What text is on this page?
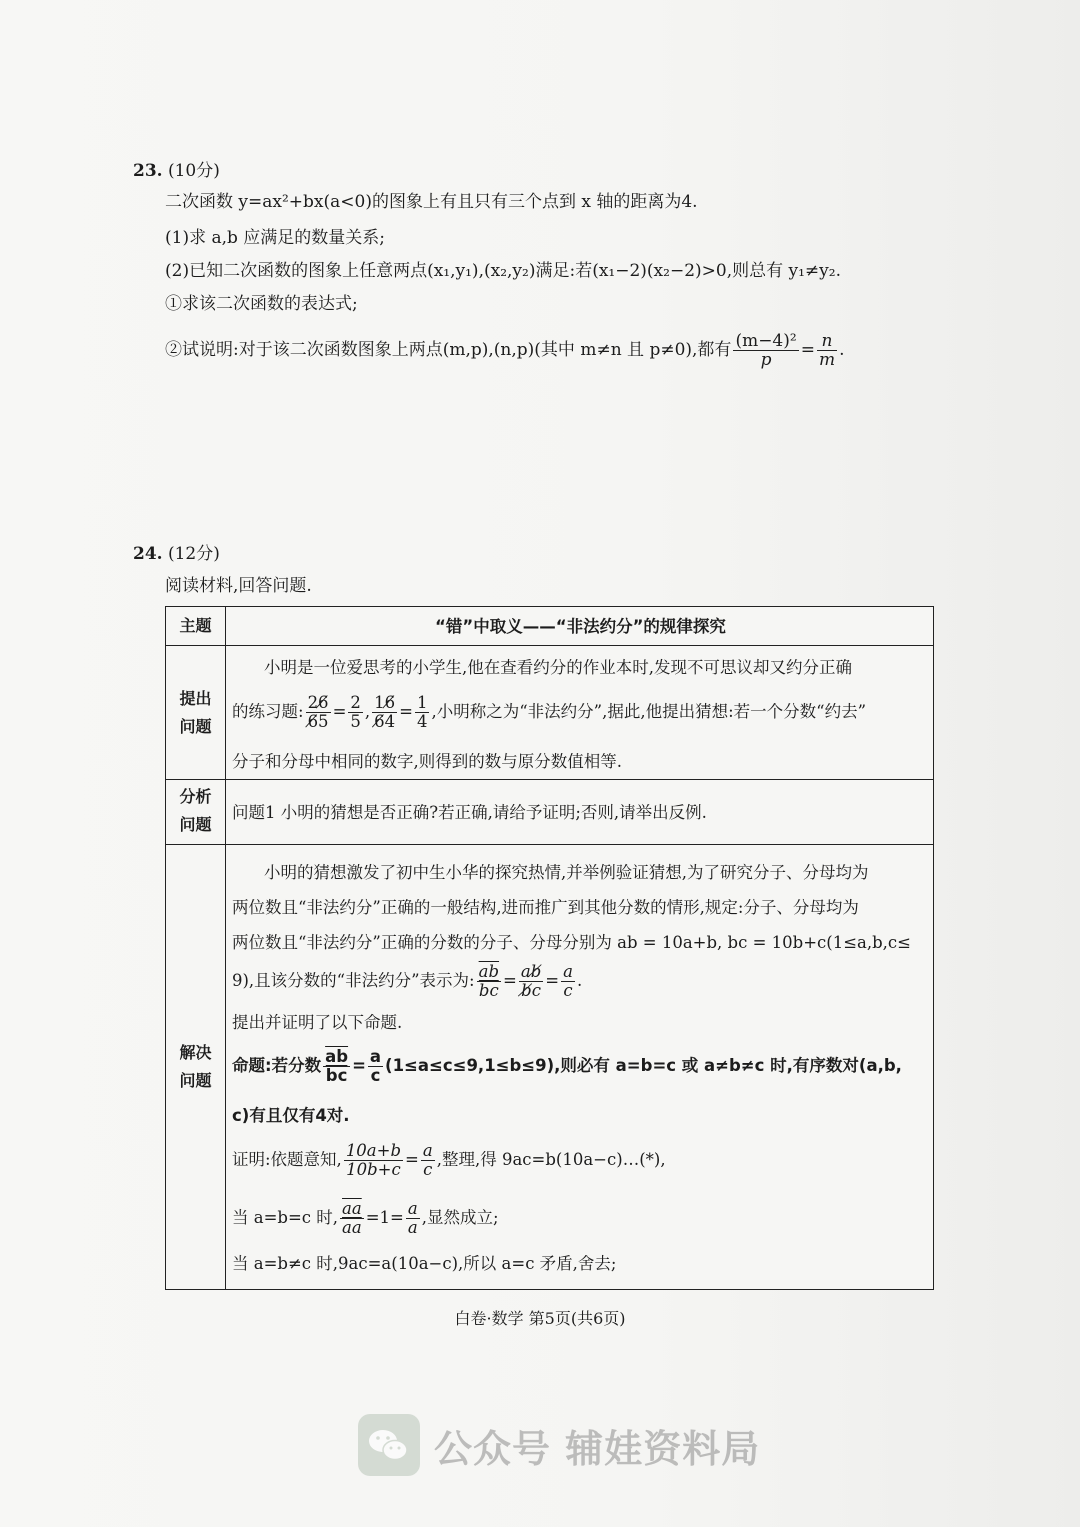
23. (10分)
二次函数 y=ax²+bx(a<0)的图象上有且只有三个点到 x 轴的距离为4.
(1)求 a,b 应满足的数量关系;
(2)已知二次函数的图象上任意两点(x₁,y₁),(x₂,y₂)满足:若(x₁−2)(x₂−2)>0,则总有 y₁≠y₂.
①求该二次函数的表达式;
②试说明:对于该二次函数图象上两点(m,p),(n,p)(其中 m≠n 且 p≠0),都有 $\frac{\text{(m−4)²}}{p} = \frac{n}{m}$ .
24. (12分)
阅读材料,回答问题.
主题	“错”中取义——“非法约分”的规律探究
提出
问题
小明是一位爱思考的小学生,他在查看约分的作业本时,发现不可思议却又约分正确
的练习题: $\frac{26̸}{6̸5} = \frac{2}{5}$ , $\frac{16̸}{6̸4} = \frac{1}{4}$ ,小明称之为“非法约分”,据此,他提出猜想:若一个分数“约去”
分子和分母中相同的数字,则得到的数与原分数值相等.
分析
问题
问题1 小明的猜想是否正确?若正确,请给予证明;否则,请举出反例.
解决
问题
小明的猜想激发了初中生小华的探究热情,并举例验证猜想,为了研究分子、分母均为
两位数且“非法约分”正确的一般结构,进而推广到其他分数的情形,规定:分子、分母均为
两位数且“非法约分”正确的分数的分子、分母分别为 ab = 10a+b, bc = 10b+c(1≤a,b,c≤
9),且该分数的“非法约分”表示为: $\frac{\overline{ab}}{bc} = \frac{ab̸}{b̸c} = \frac{a}{c}$ .
提出并证明了以下命题.
命题:若分数 $\frac{\overline{ab}}{bc} = \frac{a}{c} (1\le a\le c\le 9,1\le b\le 9)$,则必有 a=b=c 或 a≠b≠c 时,有序数对(a,b,
c)有且仅有4对.
证明:依题意知, $\frac{10a+b}{10b+c} = \frac{a}{c}$ ,整理,得 9ac=b(10a−c)…(*),
当 a=b=c 时, $\frac{\overline{aa}}{aa} =1= \frac{a}{a}$ ,显然成立;
当 a=b≠c 时,9ac=a(10a−c),所以 a=c 矛盾,舍去;
白卷·数学 第5页(共6页)
公众号 辅娃资料局
